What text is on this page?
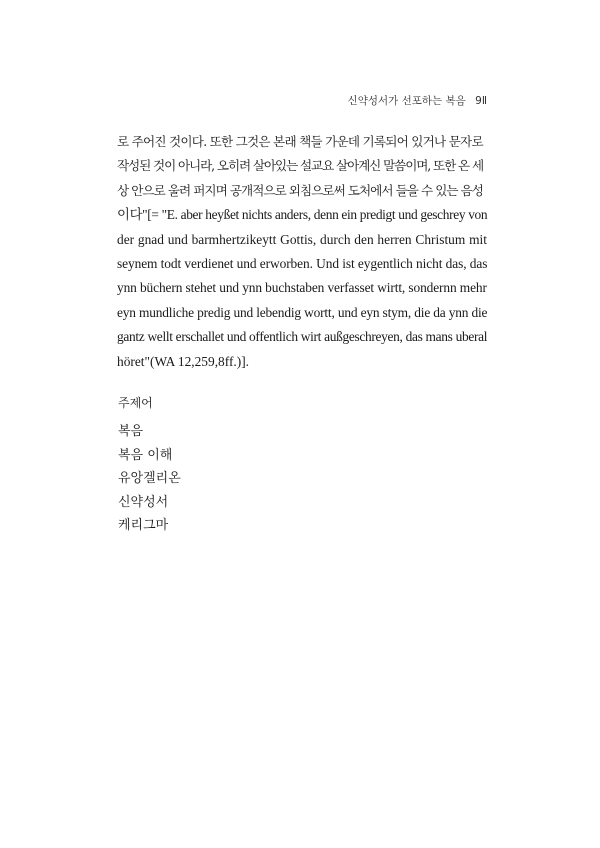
신약성서가 선포하는 복음 9Ⅱ
로 주어진 것이다. 또한 그것은 본래 책들 가운데 기록되어 있거나 문자로
작성된 것이 아니라, 오히려 살아있는 설교요 살아계신 말씀이며, 또한 온 세
상 안으로 울려 퍼지며 공개적으로 외침으로써 도처에서 들을 수 있는 음성
이다"[= "E. aber heyßet nichts anders, denn ein predigt und geschrey von
der gnad und barmhertzikeytt Gottis, durch den herren Christum mit
seynem todt verdienet und erworben. Und ist eygentlich nicht das, das
ynn büchern stehet und ynn buchstaben verfasset wirtt, sondernn mehr
eyn mundliche predig und lebendig wortt, und eyn stym, die da ynn die
gantz wellt erschallet und offentlich wirt außgeschreyen, das mans uberal
höret"(WA 12,259,8ff.)].
주제어
복음
복음 이해
유앙겔리온
신약성서
케리그마
